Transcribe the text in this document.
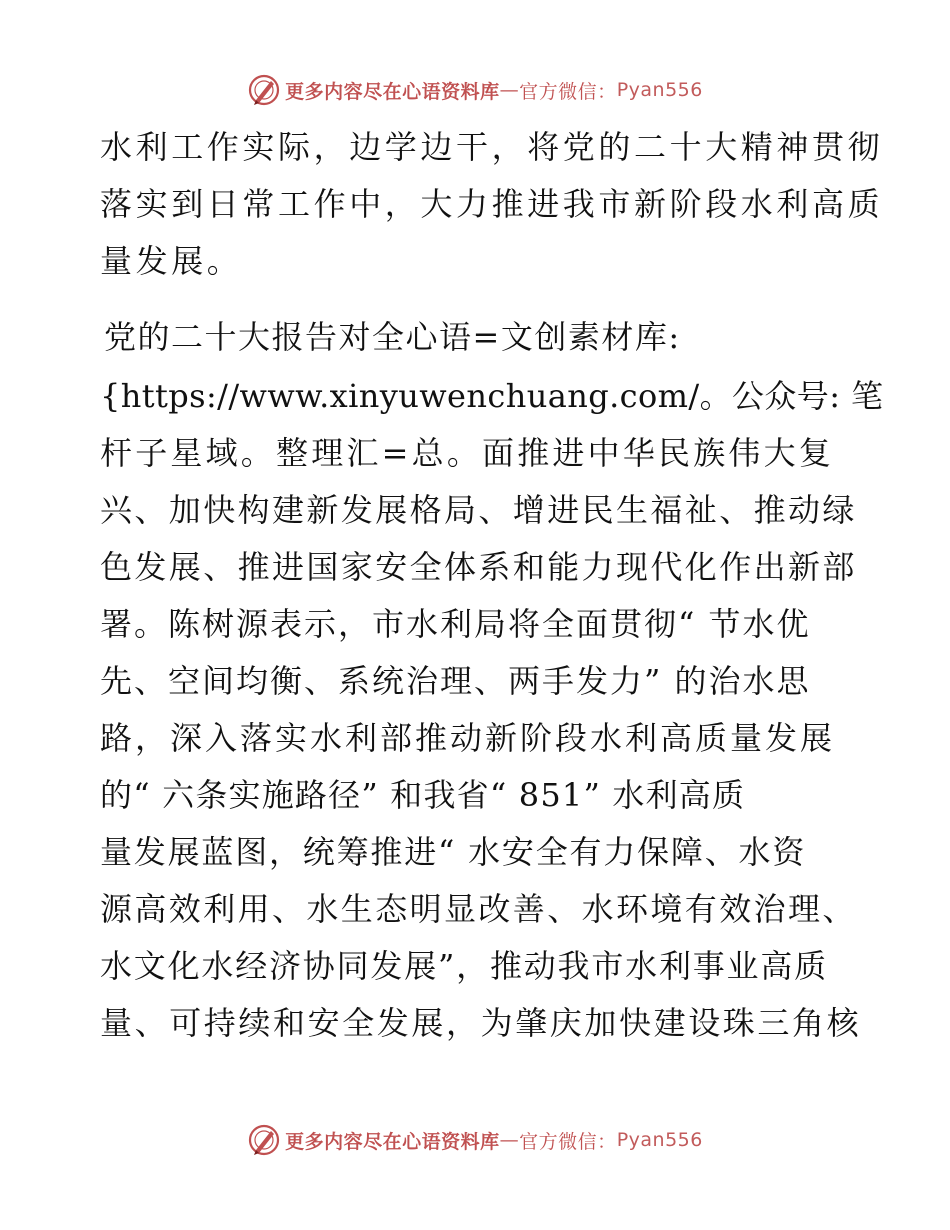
更多内容尽在心语资料库 — 官方微信： Pyan556
水利工作实际，边学边干，将党的二十大精神贯彻
落实到日常工作中，大力推进我市新阶段水利高质
量发展。
党的二十大报告对全心语=文创素材库:
{https://www.xinyuwenchuang.com/。公众号: 笔
杆子星域。整理汇=总。面推进中华民族伟大复
兴、加快构建新发展格局、增进民生福祉、推动绿
色发展、推进国家安全体系和能力现代化作出新部
署。陈树源表示，市水利局将全面贯彻“ 节水优
先、空间均衡、系统治理、两手发力” 的治水思
路，深入落实水利部推动新阶段水利高质量发展
的“ 六条实施路径” 和我省“ 851” 水利高质
量发展蓝图，统筹推进“ 水安全有力保障、水资
源高效利用、水生态明显改善、水环境有效治理、
水文化水经济协同发展”，推动我市水利事业高质
量、可持续和安全发展，为肇庆加快建设珠三角核
更多内容尽在心语资料库 — 官方微信： Pyan556
